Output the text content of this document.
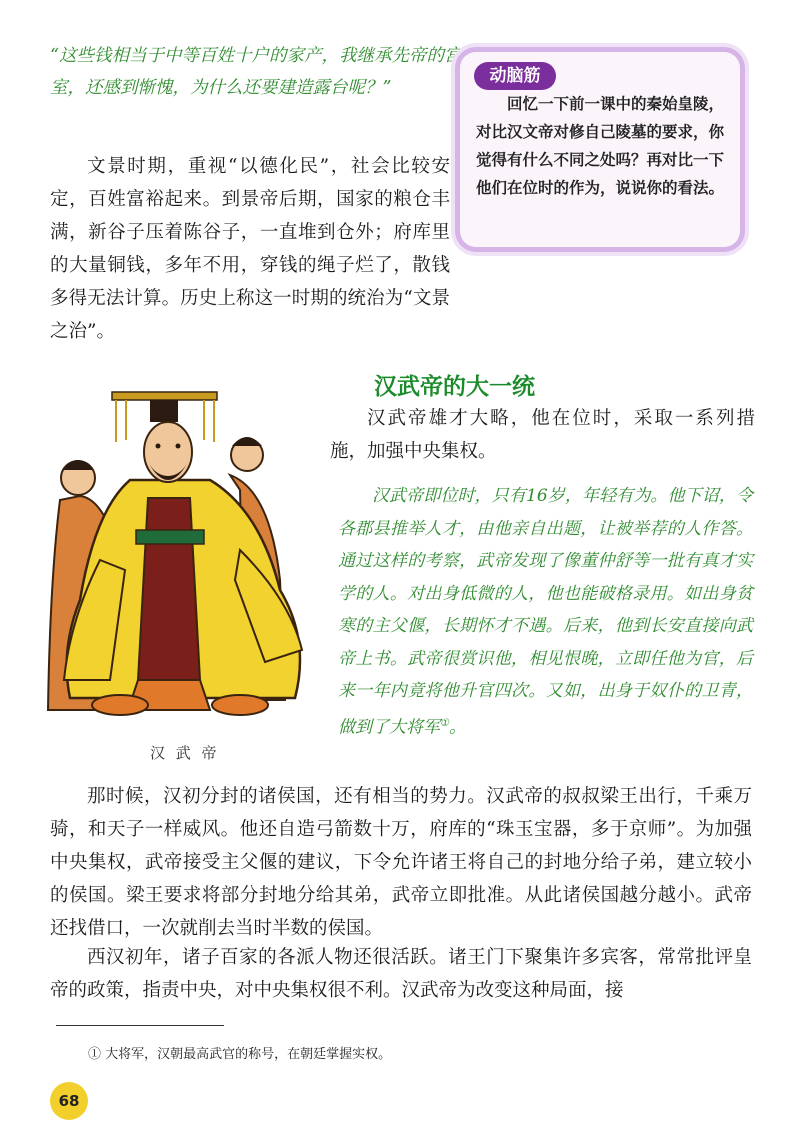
“这些钱相当于中等百姓十户的家产，我继承先帝的宫室，还感到惭愧，为什么还要建造露台呢？”
文景时期，重视“以德化民”，社会比较安定，百姓富裕起来。到景帝后期，国家的粮仓丰满，新谷子压着陈谷子，一直堆到仓外；府库里的大量铜钱，多年不用，穿钱的绳子烂了，散钱多得无法计算。历史上称这一时期的统治为“文景之治”。
动脑筋
回忆一下前一课中的秦始皇陵，对比汉文帝对修自己陵墓的要求，你觉得有什么不同之处吗？再对比一下他们在位时的作为，说说你的看法。
汉 武 帝
汉武帝的大一统
汉武帝雄才大略，他在位时，采取一系列措施，加强中央集权。
汉武帝即位时，只有16岁，年轻有为。他下诏，令各郡县推举人才，由他亲自出题，让被举荐的人作答。通过这样的考察，武帝发现了像董仲舒等一批有真才实学的人。对出身低微的人，他也能破格录用。如出身贫寒的主父偃，长期怀才不遇。后来，他到长安直接向武帝上书。武帝很赏识他，相见恨晚，立即任他为官，后来一年内竟将他升官四次。又如，出身于奴仆的卫青，做到了大将军①。
那时候，汉初分封的诸侯国，还有相当的势力。汉武帝的叔叔梁王出行，千乘万骑，和天子一样威风。他还自造弓箭数十万，府库的“珠玉宝器，多于京师”。为加强中央集权，武帝接受主父偃的建议，下令允许诸王将自己的封地分给子弟，建立较小的侯国。梁王要求将部分封地分给其弟，武帝立即批准。从此诸侯国越分越小。武帝还找借口，一次就削去当时半数的侯国。
西汉初年，诸子百家的各派人物还很活跃。诸王门下聚集许多宾客，常常批评皇帝的政策，指责中央，对中央集权很不利。汉武帝为改变这种局面，接
① 大将军，汉朝最高武官的称号，在朝廷掌握实权。
68
